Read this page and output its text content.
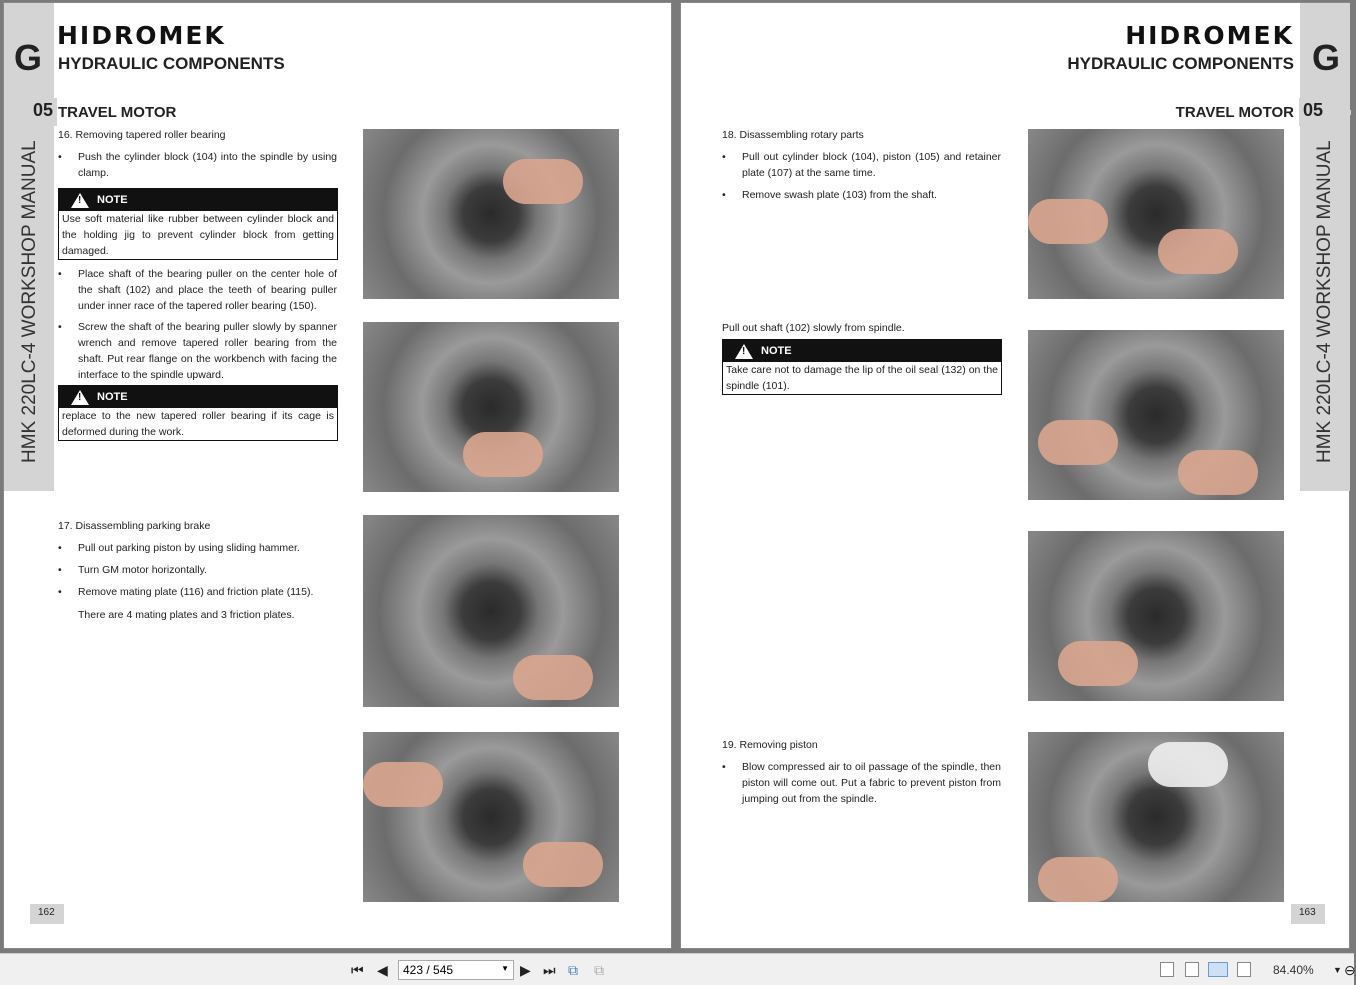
G
HIDROMEK
HYDRAULIC COMPONENTS
05 TRAVEL MOTOR
HMK 220LC-4 WORKSHOP MANUAL
16. Removing tapered roller bearing
• Push the cylinder block (104) into the spindle by using clamp.
!
NOTE
Use soft material like rubber between cylinder block and the holding jig to prevent cylinder block from getting damaged.
• Place shaft of the bearing puller on the center hole of the shaft (102) and place the teeth of bearing puller under inner race of the tapered roller bearing (150).
• Screw the shaft of the bearing puller slowly by spanner wrench and remove tapered roller bearing from the shaft. Put rear flange on the workbench with facing the interface to the spindle upward.
!
NOTE
replace to the new tapered roller bearing if its cage is deformed during the work.
17. Disassembling parking brake
• Pull out parking piston by using sliding hammer.
• Turn GM motor horizontally.
• Remove mating plate (116) and friction plate (115).
There are 4 mating plates and 3 friction plates.
162
G
HIDROMEK
HYDRAULIC COMPONENTS
TRAVEL MOTOR 05
HMK 220LC-4 WORKSHOP MANUAL
18. Disassembling rotary parts
• Pull out cylinder block (104), piston (105) and retainer plate (107) at the same time.
• Remove swash plate (103) from the shaft.
Pull out shaft (102) slowly from spindle.
!
NOTE
Take care not to damage the lip of the oil seal (132) on the spindle (101).
19. Removing piston
• Blow compressed air to oil passage of the spindle, then piston will come out. Put a fabric to prevent piston from jumping out from the spindle.
163
⏮ ◀	423 / 545	▼ ▶ ⏭ ⧉ ⧉	84.40% ▼ ⊖
